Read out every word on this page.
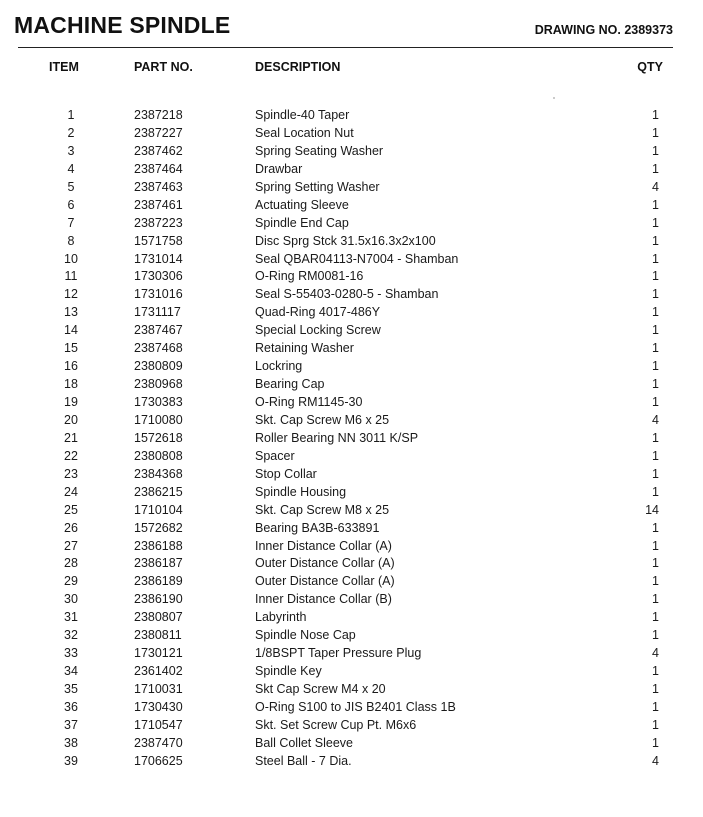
MACHINE SPINDLE	DRAWING NO. 2389373
ITEM	PART NO.	DESCRIPTION	QTY
1	2387218	Spindle-40 Taper	1
2	2387227	Seal Location Nut	1
3	2387462	Spring Seating Washer	1
4	2387464	Drawbar	1
5	2387463	Spring Setting Washer	4
6	2387461	Actuating Sleeve	1
7	2387223	Spindle End Cap	1
8	1571758	Disc Sprg Stck 31.5x16.3x2x100	1
10	1731014	Seal QBAR04113-N7004 - Shamban	1
11	1730306	O-Ring RM0081-16	1
12	1731016	Seal S-55403-0280-5 - Shamban	1
13	1731117	Quad-Ring 4017-486Y	1
14	2387467	Special Locking Screw	1
15	2387468	Retaining Washer	1
16	2380809	Lockring	1
18	2380968	Bearing Cap	1
19	1730383	O-Ring RM1145-30	1
20	1710080	Skt. Cap Screw M6 x 25	4
21	1572618	Roller Bearing NN 3011 K/SP	1
22	2380808	Spacer	1
23	2384368	Stop Collar	1
24	2386215	Spindle Housing	1
25	1710104	Skt. Cap Screw M8 x 25	14
26	1572682	Bearing BA3B-633891	1
27	2386188	Inner Distance Collar (A)	1
28	2386187	Outer Distance Collar (A)	1
29	2386189	Outer Distance Collar (A)	1
30	2386190	Inner Distance Collar (B)	1
31	2380807	Labyrinth	1
32	2380811	Spindle Nose Cap	1
33	1730121	1/8BSPT Taper Pressure Plug	4
34	2361402	Spindle Key	1
35	1710031	Skt Cap Screw M4 x 20	1
36	1730430	O-Ring S100 to JIS B2401 Class 1B	1
37	1710547	Skt. Set Screw Cup Pt. M6x6	1
38	2387470	Ball Collet Sleeve	1
39	1706625	Steel Ball - 7 Dia.	4
